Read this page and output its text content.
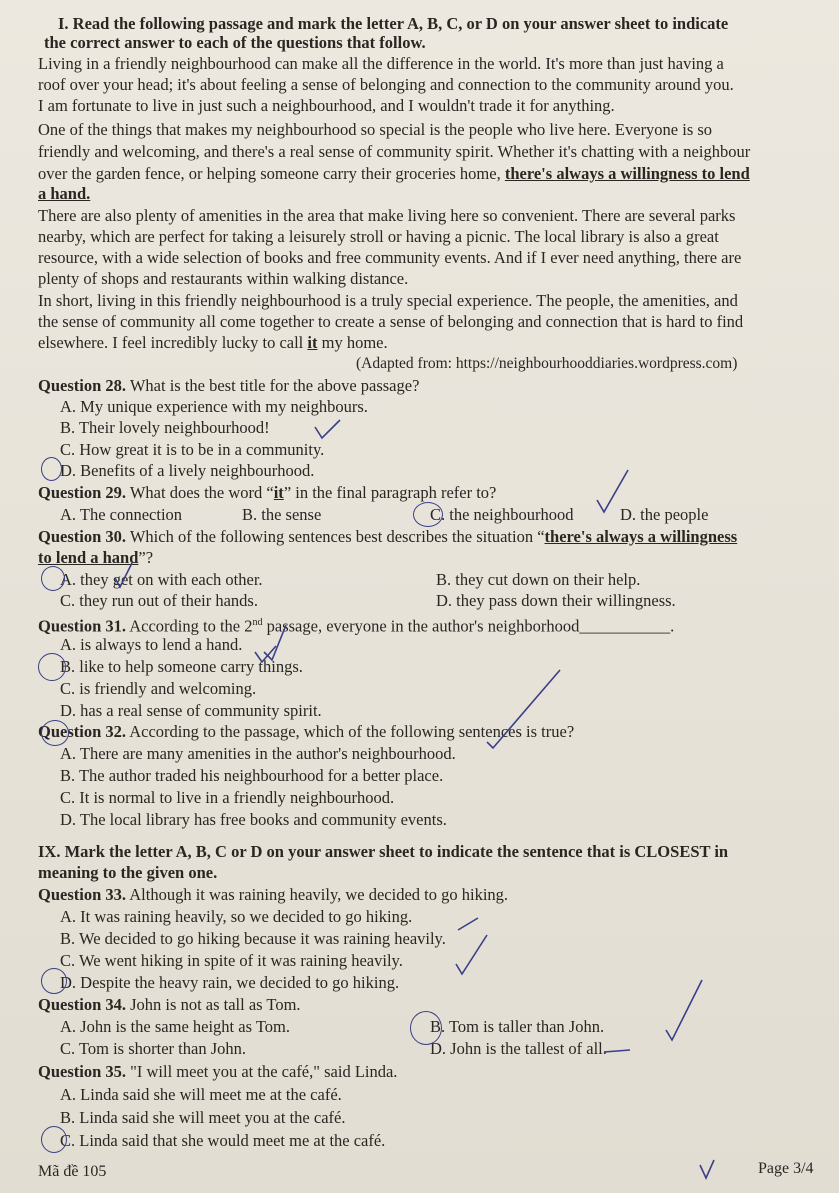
I. Read the following passage and mark the letter A, B, C, or D on your answer sheet to indicate
the correct answer to each of the questions that follow.
Living in a friendly neighbourhood can make all the difference in the world. It's more than just having a
roof over your head; it's about feeling a sense of belonging and connection to the community around you.
I am fortunate to live in just such a neighbourhood, and I wouldn't trade it for anything.
One of the things that makes my neighbourhood so special is the people who live here. Everyone is so
friendly and welcoming, and there's a real sense of community spirit. Whether it's chatting with a neighbour
over the garden fence, or helping someone carry their groceries home, there's always a willingness to lend
a hand.
There are also plenty of amenities in the area that make living here so convenient. There are several parks
nearby, which are perfect for taking a leisurely stroll or having a picnic. The local library is also a great
resource, with a wide selection of books and free community events. And if I ever need anything, there are
plenty of shops and restaurants within walking distance.
In short, living in this friendly neighbourhood is a truly special experience. The people, the amenities, and
the sense of community all come together to create a sense of belonging and connection that is hard to find
elsewhere. I feel incredibly lucky to call it my home.
(Adapted from: https://neighbourhooddiaries.wordpress.com)
Question 28. What is the best title for the above passage?
A. My unique experience with my neighbours.
B. Their lovely neighbourhood!
C. How great it is to be in a community.
D. Benefits of a lively neighbourhood.
Question 29. What does the word “it” in the final paragraph refer to?
A. The connection	B. the sense	C. the neighbourhood	D. the people
Question 30. Which of the following sentences best describes the situation “there's always a willingness
to lend a hand”?
A. they get on with each other.	B. they cut down on their help.
C. they run out of their hands.	D. they pass down their willingness.
Question 31. According to the 2nd passage, everyone in the author's neighborhood___________.
A. is always to lend a hand.
B. like to help someone carry things.
C. is friendly and welcoming.
D. has a real sense of community spirit.
Question 32. According to the passage, which of the following sentences is true?
A. There are many amenities in the author's neighbourhood.
B. The author traded his neighbourhood for a better place.
C. It is normal to live in a friendly neighbourhood.
D. The local library has free books and community events.
IX. Mark the letter A, B, C or D on your answer sheet to indicate the sentence that is CLOSEST in
meaning to the given one.
Question 33. Although it was raining heavily, we decided to go hiking.
A. It was raining heavily, so we decided to go hiking.
B. We decided to go hiking because it was raining heavily.
C. We went hiking in spite of it was raining heavily.
D. Despite the heavy rain, we decided to go hiking.
Question 34. John is not as tall as Tom.
A. John is the same height as Tom.	B. Tom is taller than John.
C. Tom is shorter than John.	D. John is the tallest of all.
Question 35. "I will meet you at the café," said Linda.
A. Linda said she will meet me at the café.
B. Linda said she will meet you at the café.
C. Linda said that she would meet me at the café.
Mã đề 105	Page 3/4
